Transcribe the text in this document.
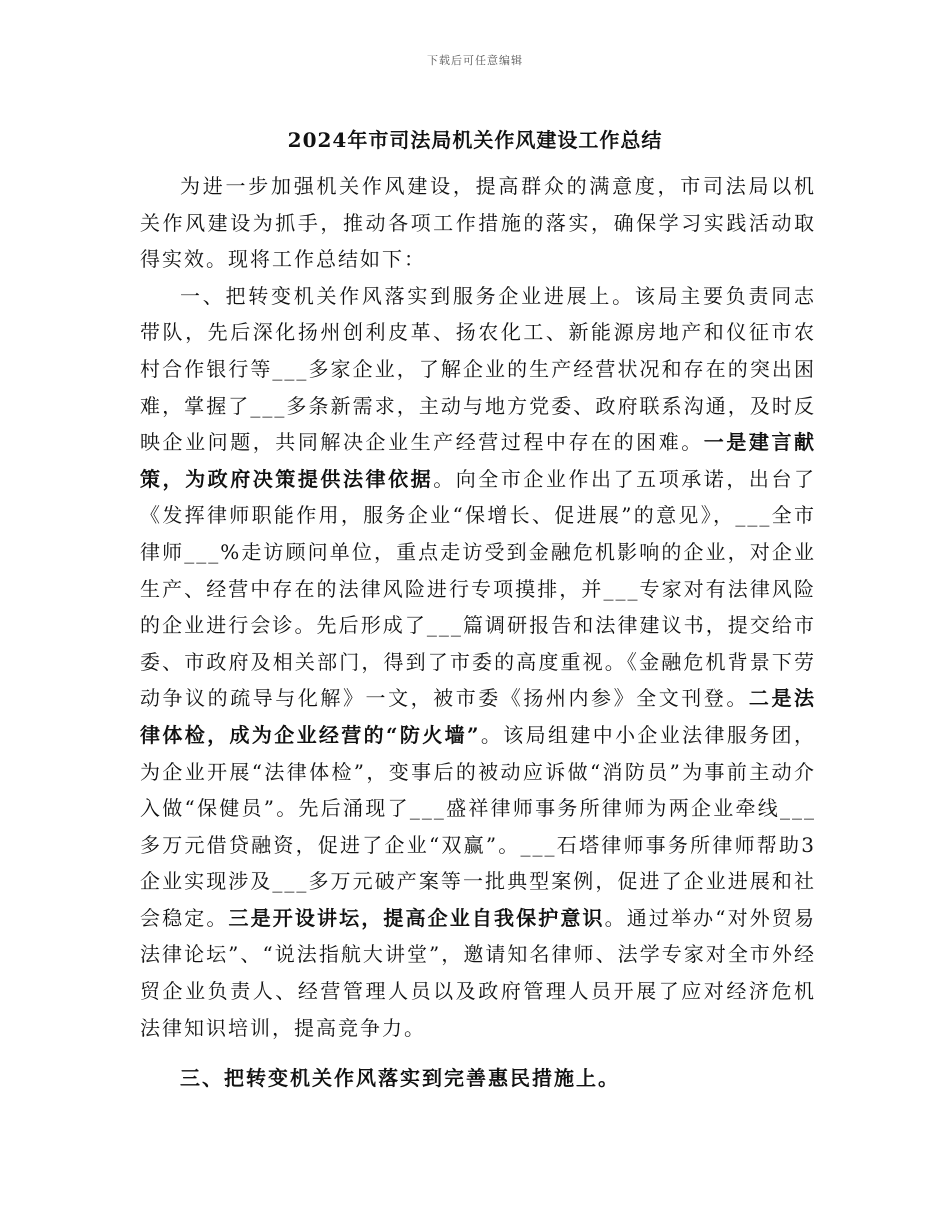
下载后可任意编辑
2024年市司法局机关作风建设工作总结

为进一步加强机关作风建设，提高群众的满意度，市司法局以机关作风建设为抓手，推动各项工作措施的落实，确保学习实践活动取得实效。现将工作总结如下：

一、把转变机关作风落实到服务企业进展上。该局主要负责同志带队，先后深化扬州创利皮革、扬农化工、新能源房地产和仪征市农村合作银行等___多家企业，了解企业的生产经营状况和存在的突出困难，掌握了___多条新需求，主动与地方党委、政府联系沟通，及时反映企业问题，共同解决企业生产经营过程中存在的困难。一是建言献策，为政府决策提供法律依据。向全市企业作出了五项承诺，出台了《发挥律师职能作用，服务企业“保增长、促进展”的意见》，___全市律师___%走访顾问单位，重点走访受到金融危机影响的企业，对企业生产、经营中存在的法律风险进行专项摸排，并___专家对有法律风险的企业进行会诊。先后形成了___篇调研报告和法律建议书，提交给市委、市政府及相关部门，得到了市委的高度重视。《金融危机背景下劳动争议的疏导与化解》一文，被市委《扬州内参》全文刊登。二是法律体检，成为企业经营的“防火墙”。该局组建中小企业法律服务团，为企业开展“法律体检”，变事后的被动应诉做“消防员”为事前主动介入做“保健员”。先后涌现了___盛祥律师事务所律师为两企业牵线___多万元借贷融资，促进了企业“双赢”。___石塔律师事务所律师帮助3企业实现涉及___多万元破产案等一批典型案例，促进了企业进展和社会稳定。三是开设讲坛，提高企业自我保护意识。通过举办“对外贸易法律论坛”、“说法指航大讲堂”，邀请知名律师、法学专家对全市外经贸企业负责人、经营管理人员以及政府管理人员开展了应对经济危机法律知识培训，提高竞争力。

三、把转变机关作风落实到完善惠民措施上。
